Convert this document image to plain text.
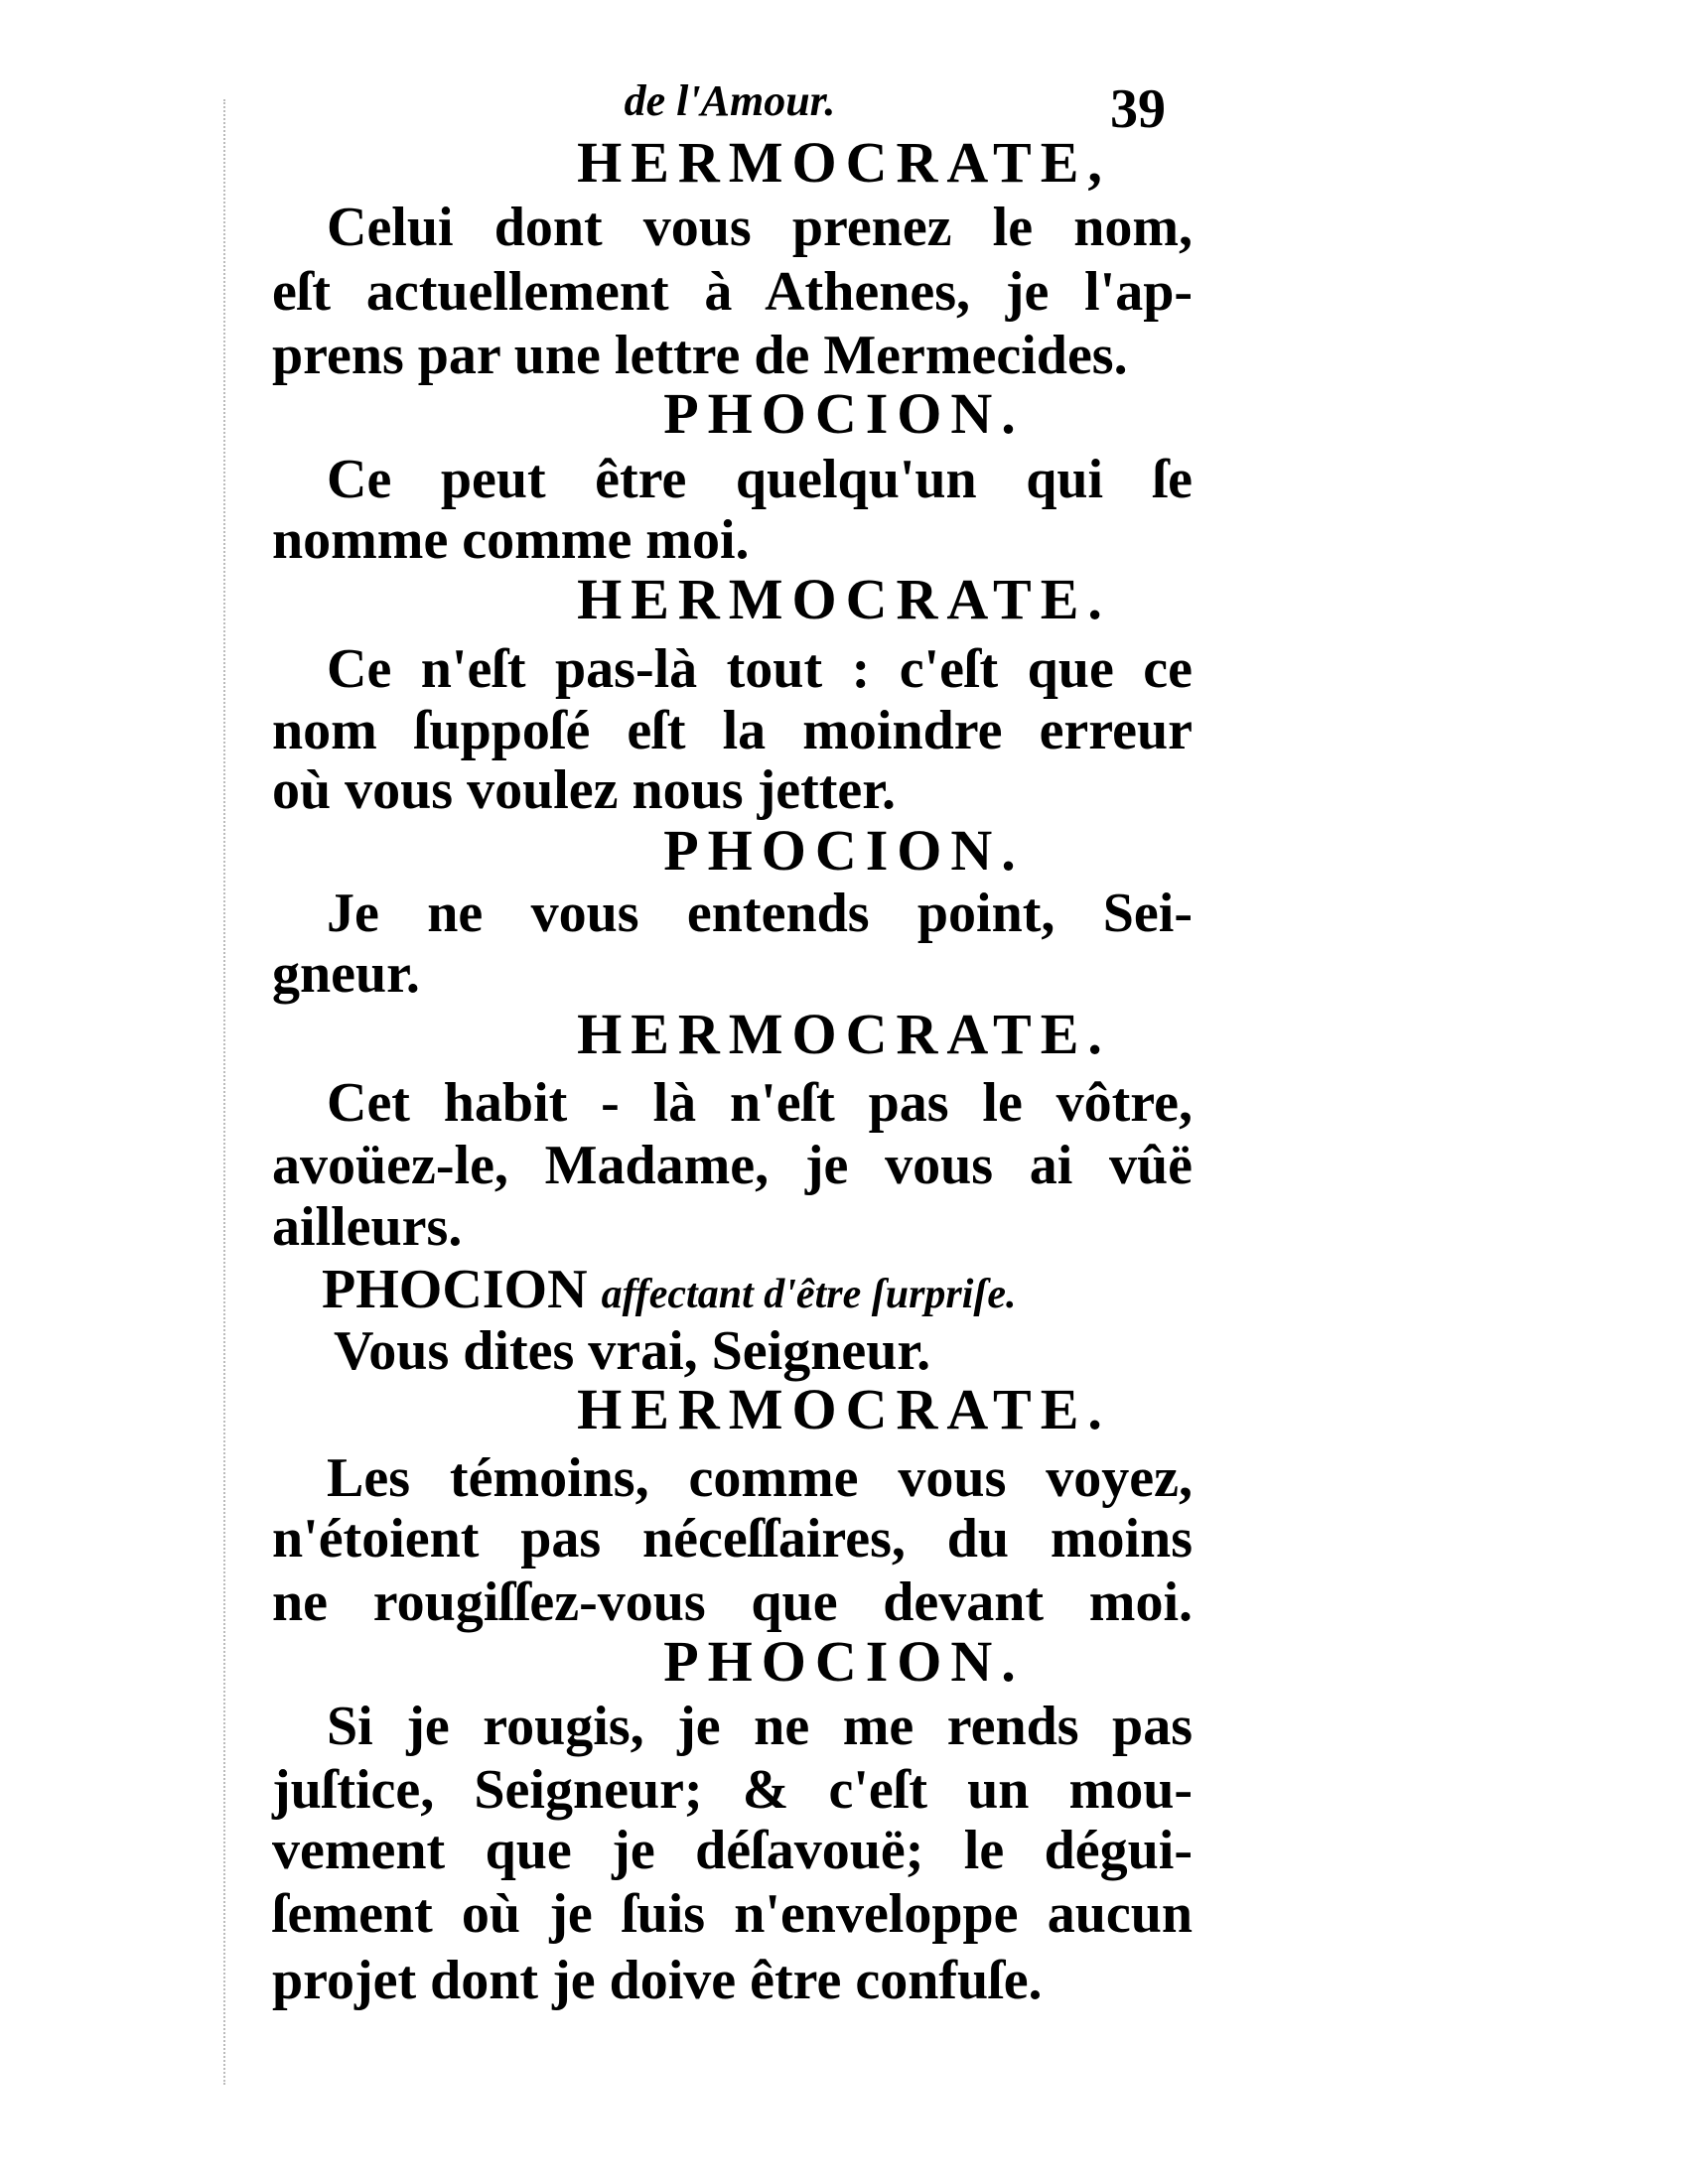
de l'Amour.	39
HERMOCRATE,
Celui dont vous prenez le nom,
eſt actuellement à Athenes, je l'ap-
prens par une lettre de Mermecides.
PHOCION.
Ce peut être quelqu'un qui ſe
nomme comme moi.
HERMOCRATE.
Ce n'eſt pas-là tout : c'eſt que ce
nom ſuppoſé eſt la moindre erreur
où vous voulez nous jetter.
PHOCION.
Je ne vous entends point, Sei-
gneur.
HERMOCRATE.
Cet habit - là n'eſt pas le vôtre,
avoüez-le, Madame, je vous ai vûë
ailleurs.
PHOCION affectant d'être ſurpriſe.
Vous dites vrai, Seigneur.
HERMOCRATE.
Les témoins, comme vous voyez,
n'étoient pas néceſſaires, du moins
ne rougiſſez-vous que devant moi.
PHOCION.
Si je rougis, je ne me rends pas
juſtice, Seigneur; & c'eſt un mou-
vement que je déſavouë; le dégui-
ſement où je ſuis n'enveloppe aucun
projet dont je doive être confuſe.
